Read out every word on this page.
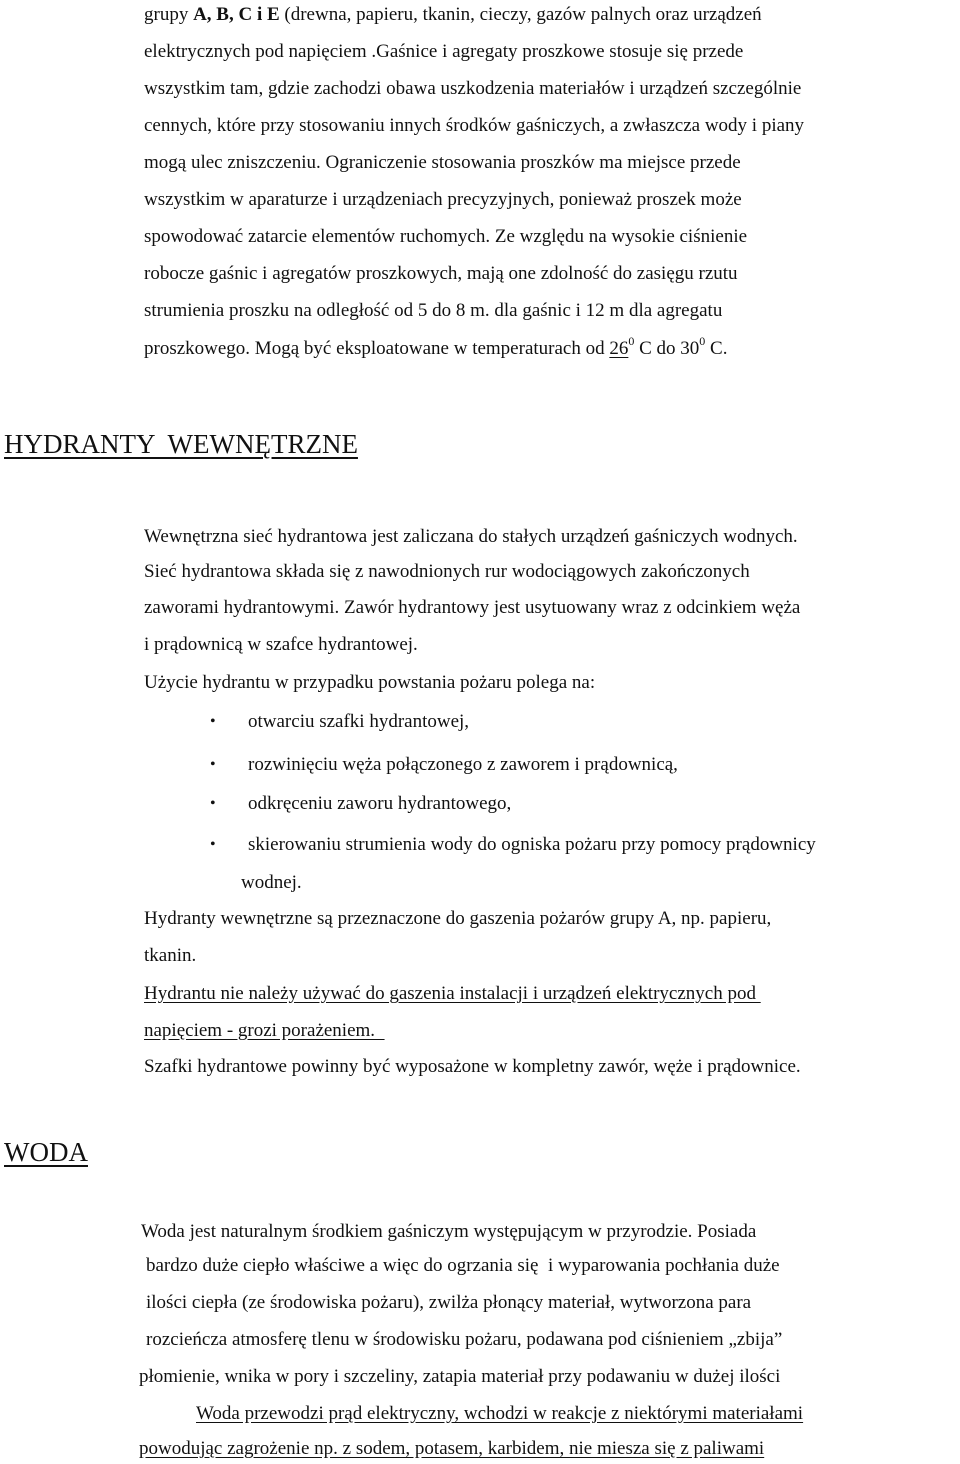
grupy A, B, C i E (drewna, papieru, tkanin, cieczy, gazów palnych oraz urządzeń
elektrycznych pod napięciem .Gaśnice i agregaty proszkowe stosuje się przede
wszystkim tam, gdzie zachodzi obawa uszkodzenia materiałów i urządzeń szczególnie
cennych, które przy stosowaniu innych środków gaśniczych, a zwłaszcza wody i piany
mogą ulec zniszczeniu. Ograniczenie stosowania proszków ma miejsce przede
wszystkim w aparaturze i urządzeniach precyzyjnych, ponieważ proszek może
spowodować zatarcie elementów ruchomych. Ze względu na wysokie ciśnienie
robocze gaśnic i agregatów proszkowych, mają one zdolność do zasięgu rzutu
strumienia proszku na odległość od 5 do 8 m. dla gaśnic i 12 m dla agregatu
proszkowego. Mogą być eksploatowane w temperaturach od $26^0$ C do $30^0$ C.
HYDRANTY  WEWNĘTRZNE
Wewnętrzna sieć hydrantowa jest zaliczana do stałych urządzeń gaśniczych wodnych.
Sieć hydrantowa składa się z nawodnionych rur wodociągowych zakończonych
zaworami hydrantowymi. Zawór hydrantowy jest usytuowany wraz z odcinkiem węża
i prądownicą w szafce hydrantowej.
Użycie hydrantu w przypadku powstania pożaru polega na:
• otwarciu szafki hydrantowej,
• rozwinięciu węża połączonego z zaworem i prądownicą,
• odkręceniu zaworu hydrantowego,
• skierowaniu strumienia wody do ogniska pożaru przy pomocy prądownicy
wodnej.
Hydranty wewnętrzne są przeznaczone do gaszenia pożarów grupy A, np. papieru,
tkanin.
Hydrantu nie należy używać do gaszenia instalacji i urządzeń elektrycznych pod
napięciem - grozi porażeniem.
Szafki hydrantowe powinny być wyposażone w kompletny zawór, węże i prądownice.
WODA
Woda jest naturalnym środkiem gaśniczym występującym w przyrodzie. Posiada
bardzo duże ciepło właściwe a więc do ogrzania się  i wyparowania pochłania duże
ilości ciepła (ze środowiska pożaru), zwilża płonący materiał, wytworzona para
rozcieńcza atmosferę tlenu w środowisku pożaru, podawana pod ciśnieniem „zbija”
płomienie, wnika w pory i szczeliny, zatapia materiał przy podawaniu w dużej ilości
Woda przewodzi prąd elektryczny, wchodzi w reakcje z niektórymi materiałami
powodując zagrożenie np. z sodem, potasem, karbidem, nie miesza się z paliwami
